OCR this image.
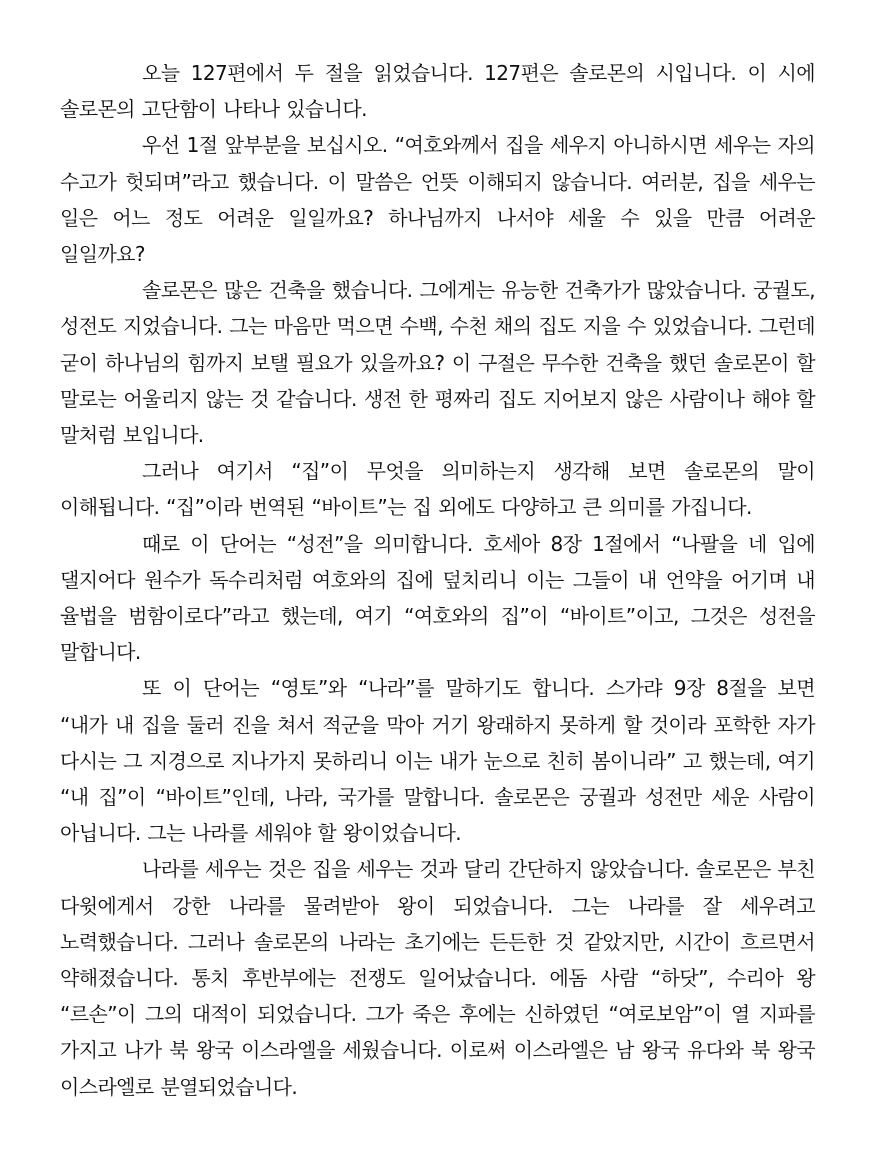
오늘 127편에서 두 절을 읽었습니다. 127편은 솔로몬의 시입니다. 이 시에 솔로몬의 고단함이 나타나 있습니다.

우선 1절 앞부분을 보십시오. “여호와께서 집을 세우지 아니하시면 세우는 자의 수고가 헛되며”라고 했습니다. 이 말씀은 언뜻 이해되지 않습니다. 여러분, 집을 세우는 일은 어느 정도 어려운 일일까요? 하나님까지 나서야 세울 수 있을 만큼 어려운 일일까요?

솔로몬은 많은 건축을 했습니다. 그에게는 유능한 건축가가 많았습니다. 궁궐도, 성전도 지었습니다. 그는 마음만 먹으면 수백, 수천 채의 집도 지을 수 있었습니다. 그런데 굳이 하나님의 힘까지 보탤 필요가 있을까요? 이 구절은 무수한 건축을 했던 솔로몬이 할 말로는 어울리지 않는 것 같습니다. 생전 한 평짜리 집도 지어보지 않은 사람이나 해야 할 말처럼 보입니다.

그러나 여기서 “집”이 무엇을 의미하는지 생각해 보면 솔로몬의 말이 이해됩니다. “집”이라 번역된 “바이트”는 집 외에도 다양하고 큰 의미를 가집니다.

때로 이 단어는 “성전”을 의미합니다. 호세아 8장 1절에서 “나팔을 네 입에 댈지어다 원수가 독수리처럼 여호와의 집에 덮치리니 이는 그들이 내 언약을 어기며 내 율법을 범함이로다”라고 했는데, 여기 “여호와의 집”이 “바이트”이고, 그것은 성전을 말합니다.

또 이 단어는 “영토”와 “나라”를 말하기도 합니다. 스가랴 9장 8절을 보면 “내가 내 집을 둘러 진을 쳐서 적군을 막아 거기 왕래하지 못하게 할 것이라 포학한 자가 다시는 그 지경으로 지나가지 못하리니 이는 내가 눈으로 친히 봄이니라” 고 했는데, 여기 “내 집”이 “바이트”인데, 나라, 국가를 말합니다. 솔로몬은 궁궐과 성전만 세운 사람이 아닙니다. 그는 나라를 세워야 할 왕이었습니다.

나라를 세우는 것은 집을 세우는 것과 달리 간단하지 않았습니다. 솔로몬은 부친 다윗에게서 강한 나라를 물려받아 왕이 되었습니다. 그는 나라를 잘 세우려고 노력했습니다. 그러나 솔로몬의 나라는 초기에는 든든한 것 같았지만, 시간이 흐르면서 약해졌습니다. 통치 후반부에는 전쟁도 일어났습니다. 에돔 사람 “하닷”, 수리아 왕 “르손”이 그의 대적이 되었습니다. 그가 죽은 후에는 신하였던 “여로보암”이 열 지파를 가지고 나가 북 왕국 이스라엘을 세웠습니다. 이로써 이스라엘은 남 왕국 유다와 북 왕국 이스라엘로 분열되었습니다.
